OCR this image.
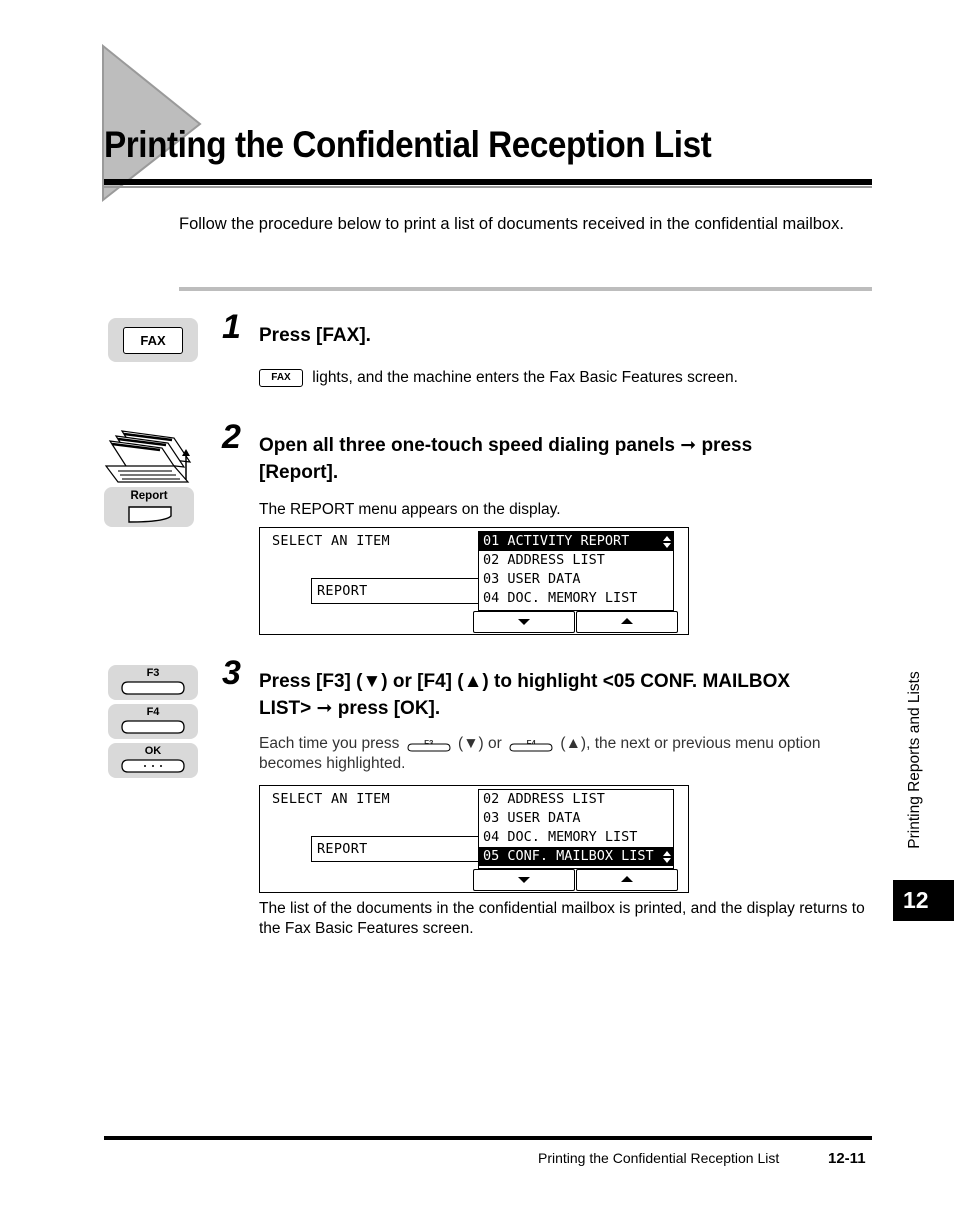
Printing the Confidential Reception List
Follow the procedure below to print a list of documents received in the confidential mailbox.
FAX	1 Press [FAX].
FAX	lights, and the machine enters the Fax Basic Features screen.
Report
2 Open all three one-touch speed dialing panels ➞ press
[Report].
The REPORT menu appears on the display.
SELECT AN ITEM
REPORT
01 ACTIVITY REPORT
02 ADDRESS LIST
03 USER DATA
04 DOC. MEMORY LIST
F3
F4
OK
3 Press [F3] (▼) or [F4] (▲) to highlight <05 CONF. MAILBOX
LIST> ➞ press [OK].
Each time you press

	(▼) or

	(▲), the next or previous menu option
becomes highlighted.
SELECT AN ITEM
REPORT
02 ADDRESS LIST
03 USER DATA
04 DOC. MEMORY LIST
05 CONF. MAILBOX LIST
The list of the documents in the confidential mailbox is printed, and the display returns to the Fax Basic Features screen.
Printing Reports and Lists
12
Printing the Confidential Reception List	12-11
